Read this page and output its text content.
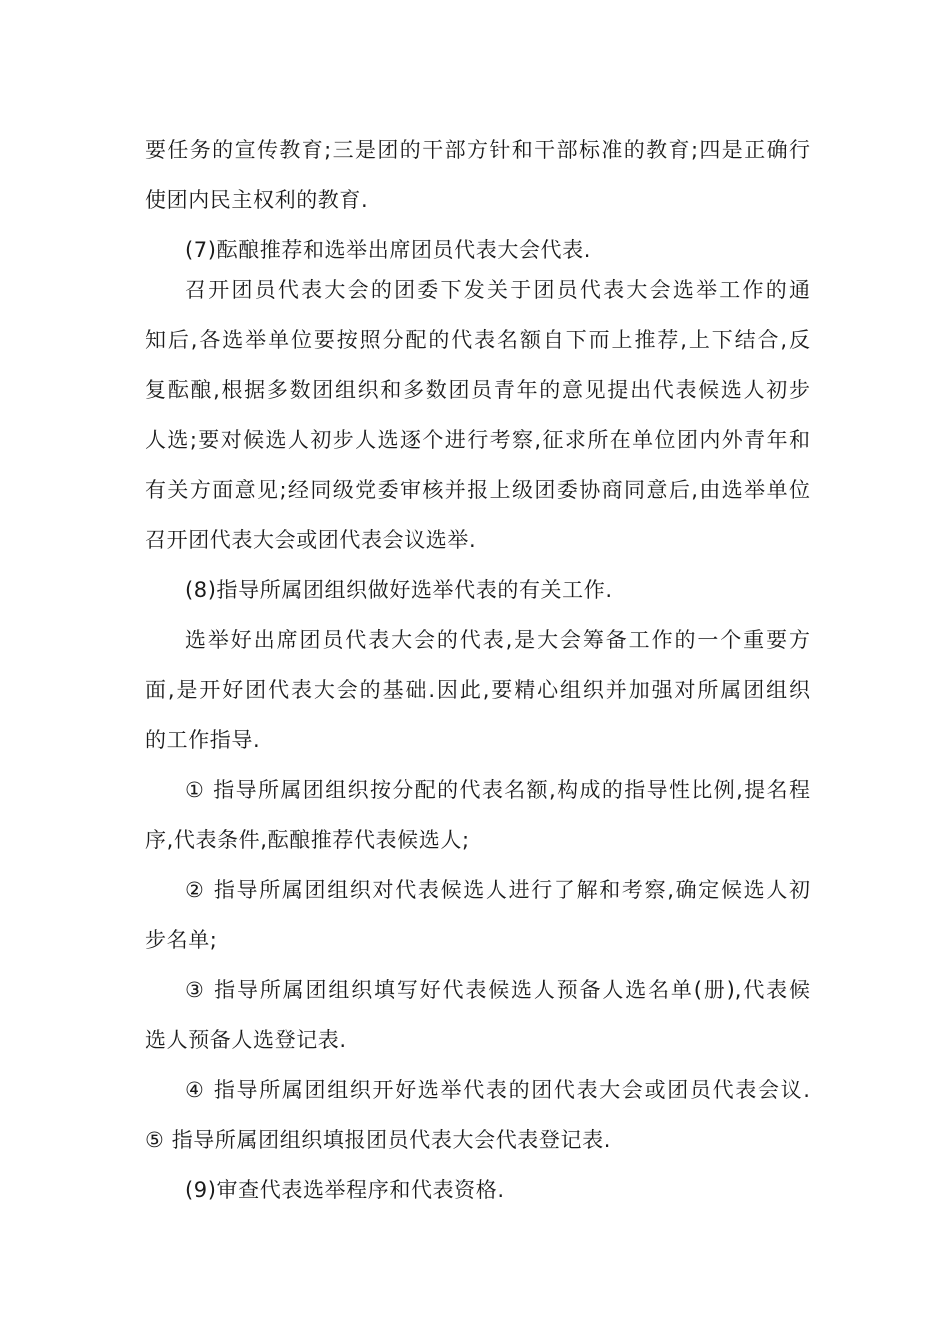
要任务的宣传教育;三是团的干部方针和干部标准的教育;四是正确行
使团内民主权利的教育.
(7)酝酿推荐和选举出席团员代表大会代表.
召开团员代表大会的团委下发关于团员代表大会选举工作的通
知后,各选举单位要按照分配的代表名额自下而上推荐,上下结合,反
复酝酿,根据多数团组织和多数团员青年的意见提出代表候选人初步
人选;要对候选人初步人选逐个进行考察,征求所在单位团内外青年和
有关方面意见;经同级党委审核并报上级团委协商同意后,由选举单位
召开团代表大会或团代表会议选举.
(8)指导所属团组织做好选举代表的有关工作.
选举好出席团员代表大会的代表,是大会筹备工作的一个重要方
面,是开好团代表大会的基础.因此,要精心组织并加强对所属团组织
的工作指导.
① 指导所属团组织按分配的代表名额,构成的指导性比例,提名程
序,代表条件,酝酿推荐代表候选人;
② 指导所属团组织对代表候选人进行了解和考察,确定候选人初
步名单;
③ 指导所属团组织填写好代表候选人预备人选名单(册),代表候
选人预备人选登记表.
④ 指导所属团组织开好选举代表的团代表大会或团员代表会议.
⑤ 指导所属团组织填报团员代表大会代表登记表.
(9)审查代表选举程序和代表资格.
